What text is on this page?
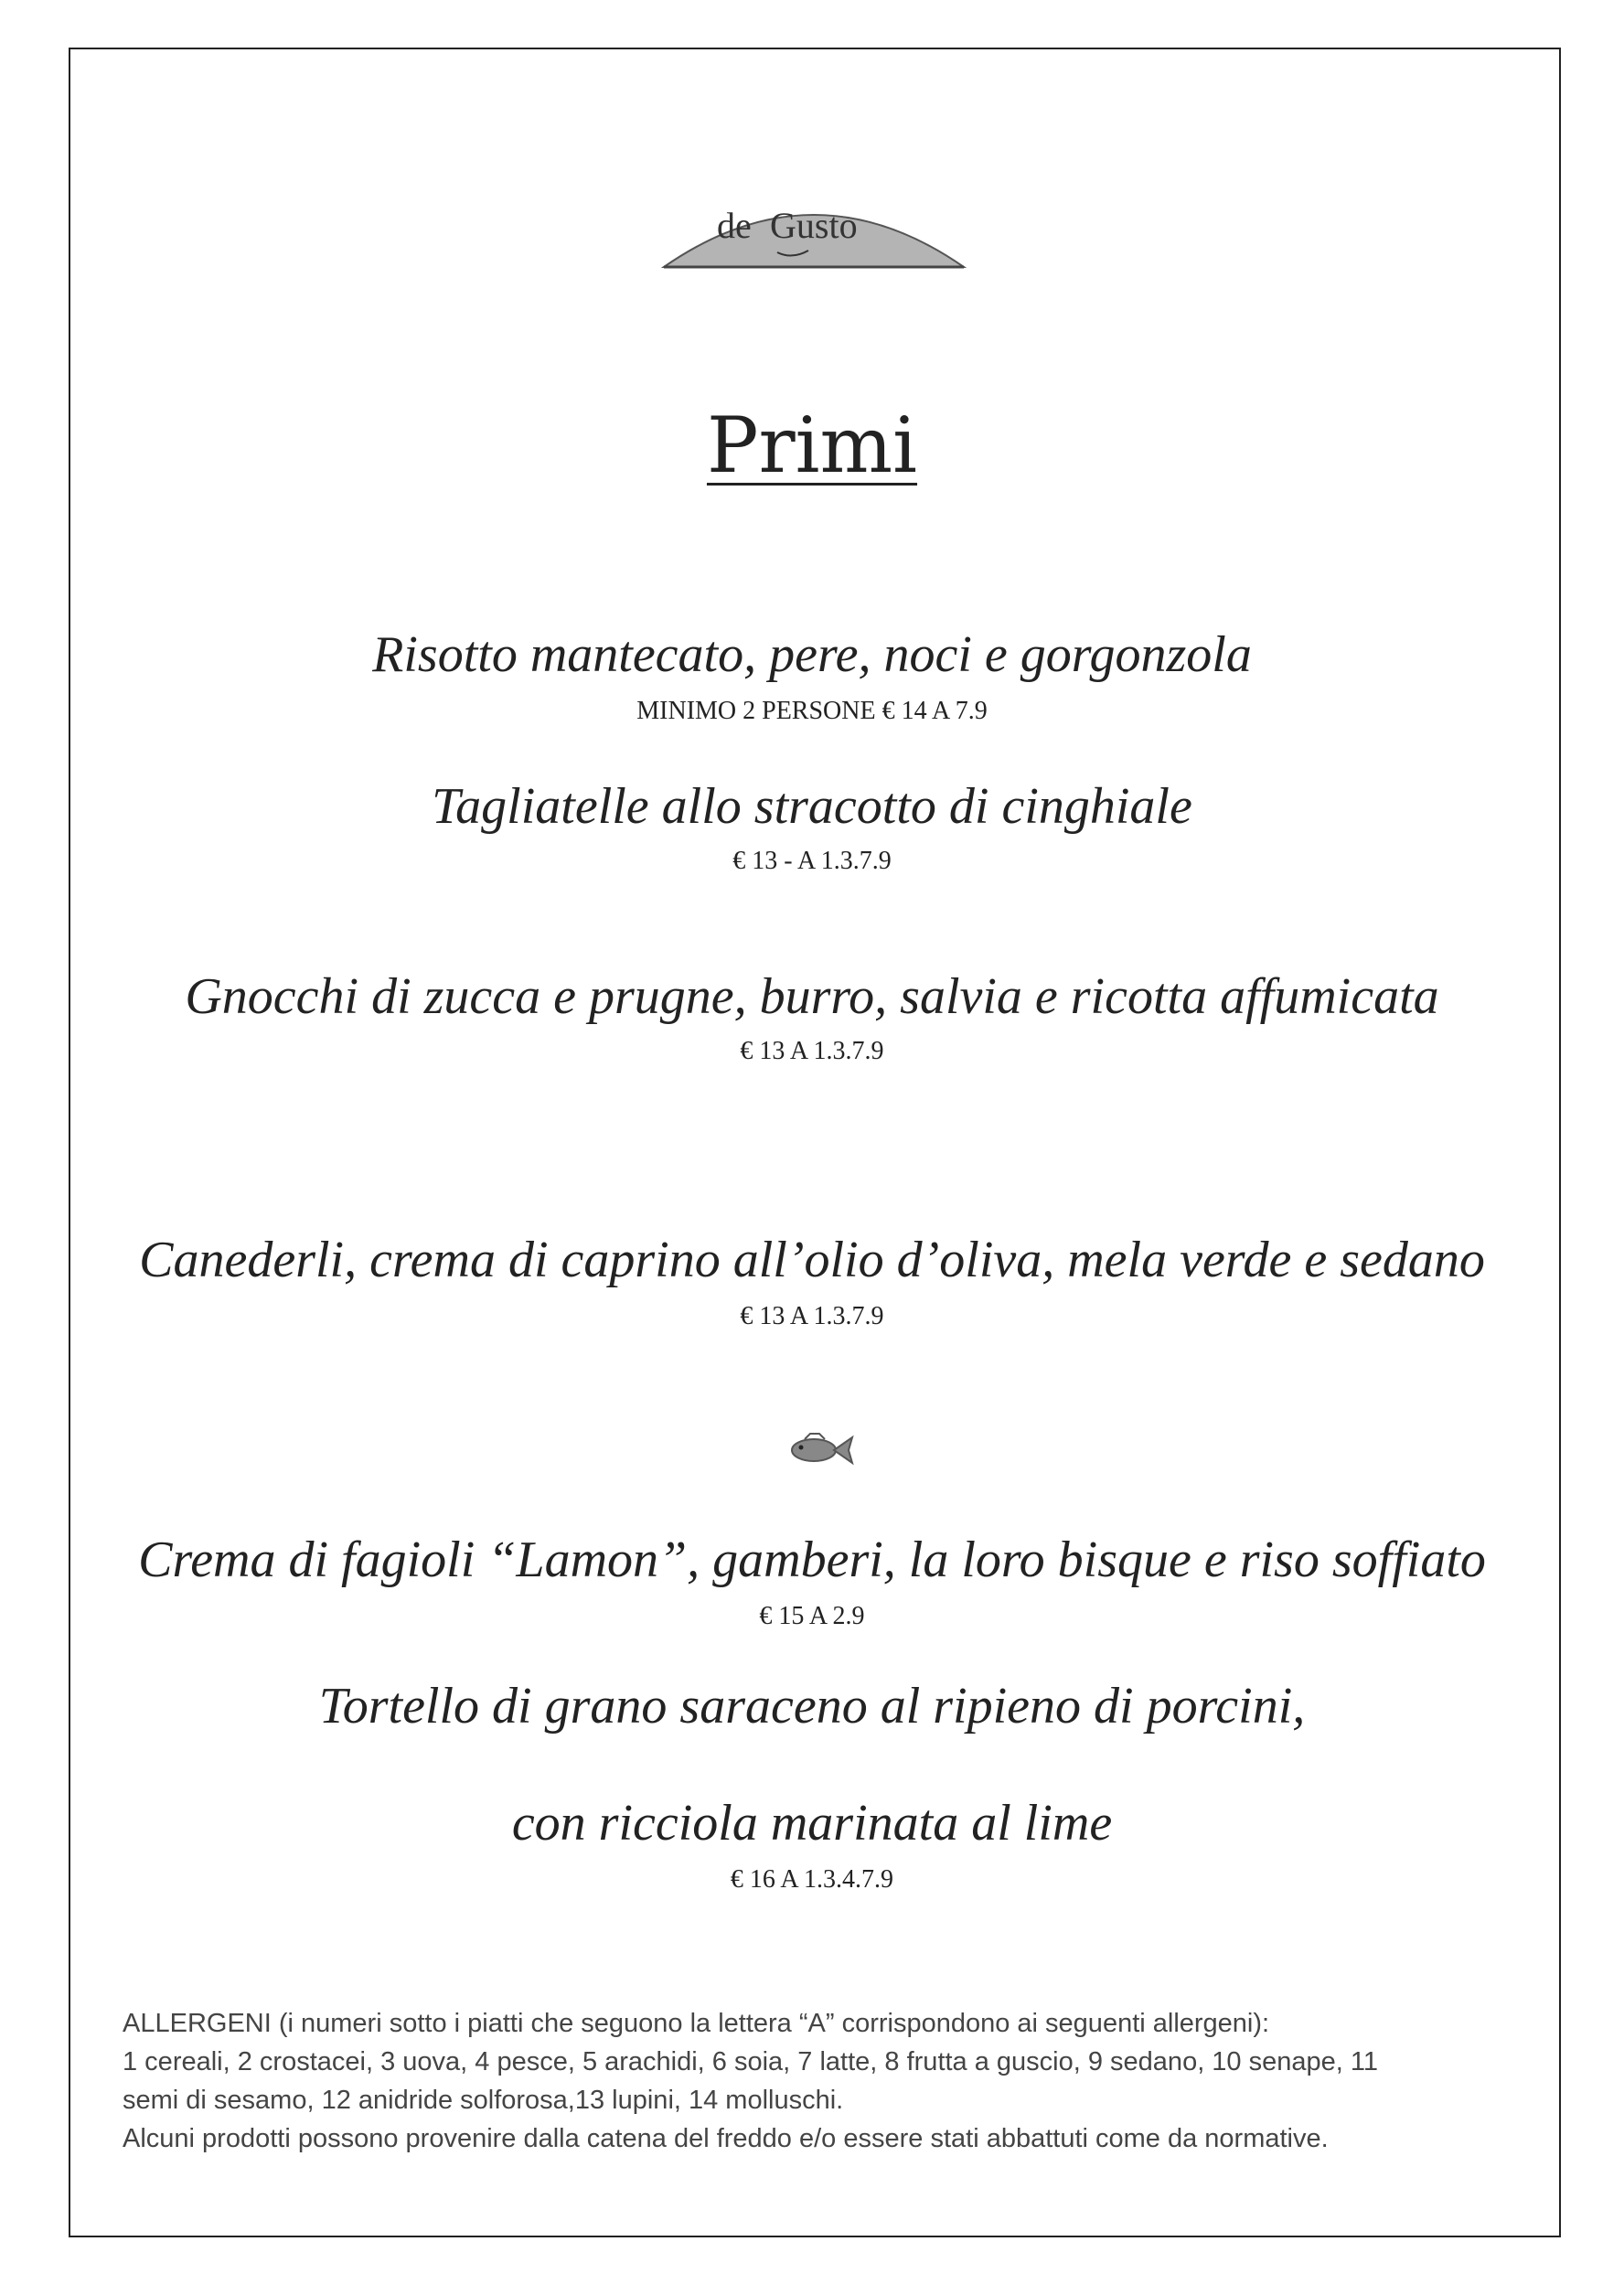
de Gusto
Primi
Risotto mantecato, pere, noci e gorgonzola
MINIMO 2 PERSONE € 14 A 7.9
Tagliatelle allo stracotto di cinghiale
€ 13 - A 1.3.7.9
Gnocchi di zucca e prugne, burro, salvia e ricotta affumicata
€ 13 A 1.3.7.9
Canederli, crema di caprino all’olio d’oliva, mela verde e sedano
€ 13 A 1.3.7.9
Crema di fagioli “Lamon”, gamberi, la loro bisque e riso soffiato
€ 15 A 2.9
Tortello di grano saraceno al ripieno di porcini,
con ricciola marinata al lime
€ 16 A 1.3.4.7.9
ALLERGENI (i numeri sotto i piatti che seguono la lettera “A” corrispondono ai seguenti allergeni):
1 cereali, 2 crostacei, 3 uova, 4 pesce, 5 arachidi, 6 soia, 7 latte, 8 frutta a guscio, 9 sedano, 10 senape, 11
semi di sesamo, 12 anidride solforosa,13 lupini, 14 molluschi.
Alcuni prodotti possono provenire dalla catena del freddo e/o essere stati abbattuti come da normative.
